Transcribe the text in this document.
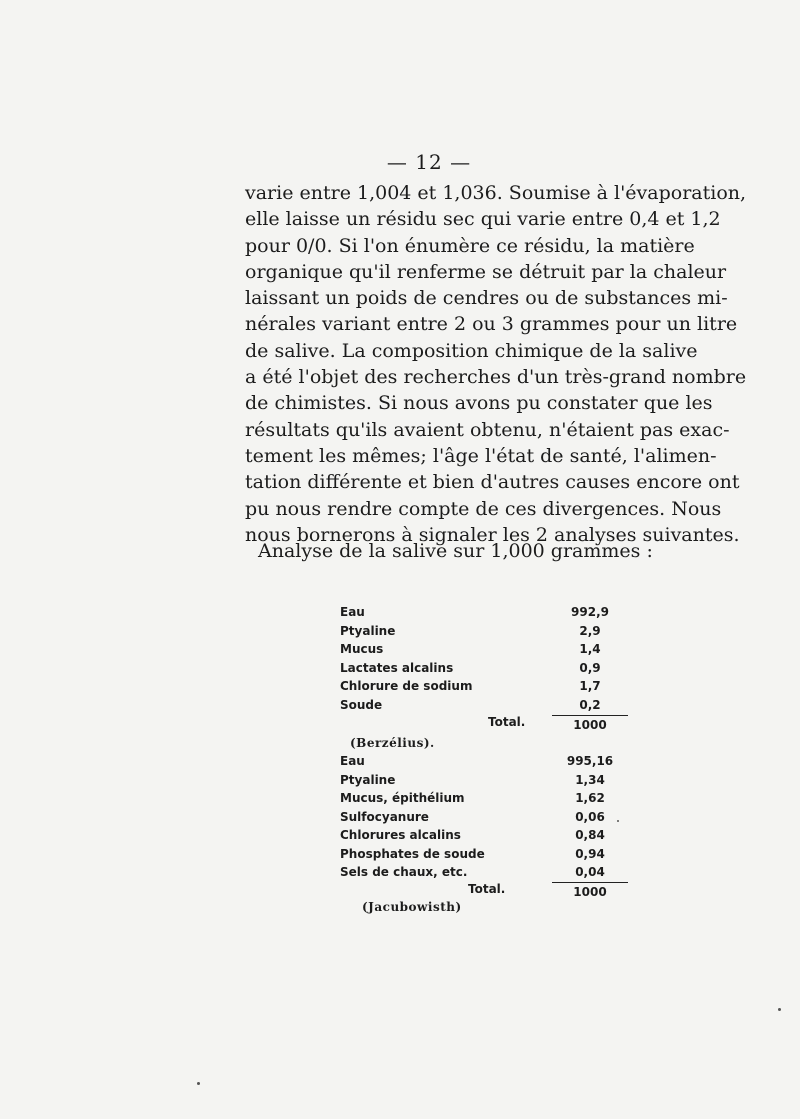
— 12 —
varie entre 1,004 et 1,036. Soumise à l'évaporation,
elle laisse un résidu sec qui varie entre 0,4 et 1,2
pour 0/0. Si l'on énumère ce résidu, la matière
organique qu'il renferme se détruit par la chaleur
laissant un poids de cendres ou de substances mi-
nérales variant entre 2 ou 3 grammes pour un litre
de salive. La composition chimique de la salive
a été l'objet des recherches d'un très-grand nombre
de chimistes. Si nous avons pu constater que les
résultats qu'ils avaient obtenu, n'étaient pas exac-
tement les mêmes; l'âge l'état de santé, l'alimen-
tation différente et bien d'autres causes encore ont
pu nous rendre compte de ces divergences. Nous
nous bornerons à signaler les 2 analyses suivantes.
Analyse de la salive sur 1,000 grammes :
Eau	992,9
Ptyaline	2,9
Mucus	1,4
Lactates alcalins	0,9
Chlorure de sodium	1,7
Soude	0,2
Total.	1000
(Berzélius).
Eau	995,16
Ptyaline	1,34
Mucus, épithélium	1,62
Sulfocyanure	0,06
Chlorures alcalins	0,84
Phosphates de soude	0,94
Sels de chaux, etc.	0,04
Total.	1000
(Jacubowisth)
